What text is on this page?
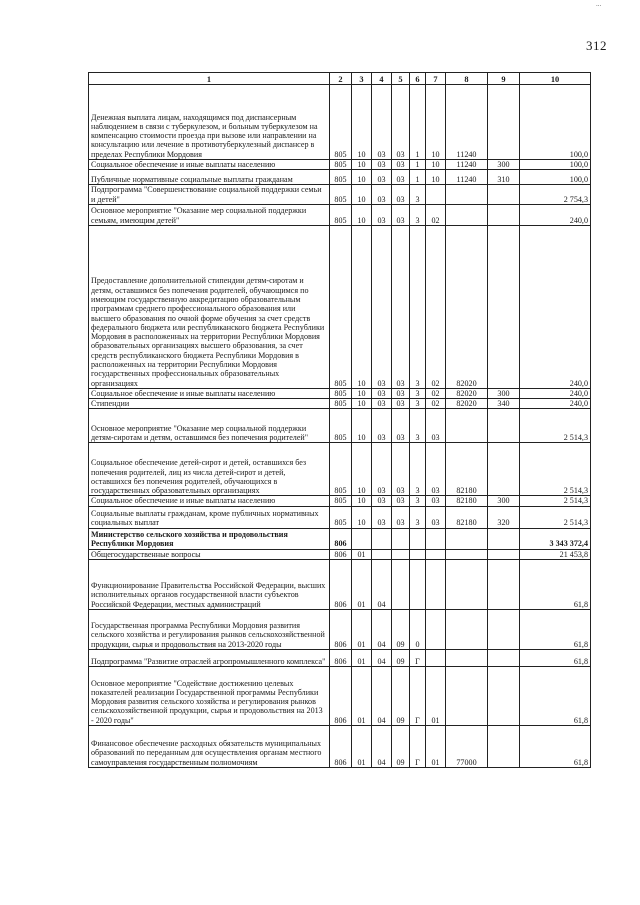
...
312
1	2	3	4	5	6	7	8	9	10
Денежная выплата лицам, находящимся под диспансерным наблюдением в связи с туберкулезом, и больным туберкулезом на компенсацию стоимости проезда при вызове или направлении на консультацию или лечение в противотуберкулезный диспансер в пределах Республики Мордовия	805	10	03	03	1	10	11240		100,0
Социальное обеспечение и иные выплаты населению	805	10	03	03	1	10	11240	300	100,0
Публичные нормативные социальные выплаты гражданам	805	10	03	03	1	10	11240	310	100,0
Подпрограмма "Совершенствование социальной поддержки семьи и детей"	805	10	03	03	3				2 754,3
Основное мероприятие "Оказание мер социальной поддержки семьям, имеющим детей"	805	10	03	03	3	02			240,0
Предоставление дополнительной стипендии детям-сиротам и детям, оставшимся без попечения родителей, обучающимся по имеющим государственную аккредитацию образовательным программам среднего профессионального образования или высшего образования по очной форме обучения за счет средств федерального бюджета или республиканского бюджета Республики Мордовия в расположенных на территории Республики Мордовия образовательных организациях высшего образования, за счет средств республиканского бюджета Республики Мордовия в расположенных на территории Республики Мордовия государственных профессиональных образовательных организациях	805	10	03	03	3	02	82020		240,0
Социальное обеспечение и иные выплаты населению	805	10	03	03	3	02	82020	300	240,0
Стипендии	805	10	03	03	3	02	82020	340	240,0
Основное мероприятие "Оказание мер социальной поддержки детям-сиротам и детям, оставшимся без попечения родителей"	805	10	03	03	3	03			2 514,3
Социальное обеспечение детей-сирот и детей, оставшихся без попечения родителей, лиц из числа детей-сирот и детей, оставшихся без попечения родителей, обучающихся в государственных образовательных организациях	805	10	03	03	3	03	82180		2 514,3
Социальное обеспечение и иные выплаты населению	805	10	03	03	3	03	82180	300	2 514,3
Социальные выплаты гражданам, кроме публичных нормативных социальных выплат	805	10	03	03	3	03	82180	320	2 514,3
Министерство сельского хозяйства и продовольствия Республики Мордовия	806								3 343 372,4
Общегосударственные вопросы	806	01							21 453,8
Функционирование Правительства Российской Федерации, высших исполнительных органов государственной власти субъектов Российской Федерации, местных администраций	806	01	04						61,8
Государственная программа Республики Мордовия развития сельского хозяйства и регулирования рынков сельскохозяйственной продукции, сырья и продовольствия на 2013-2020 годы	806	01	04	09	0				61,8
Подпрограмма "Развитие отраслей агропромышленного комплекса"	806	01	04	09	Г				61,8
Основное мероприятие "Содействие достижению целевых показателей реализации Государственной программы Республики Мордовия развития сельского хозяйства и регулирования рынков сельскохозяйственной продукции, сырья и продовольствия на 2013 - 2020 годы"	806	01	04	09	Г	01			61,8
Финансовое обеспечение расходных обязательств муниципальных образований по переданным для осуществления органам местного самоуправления государственным полномочиям	806	01	04	09	Г	01	77000		61,8
